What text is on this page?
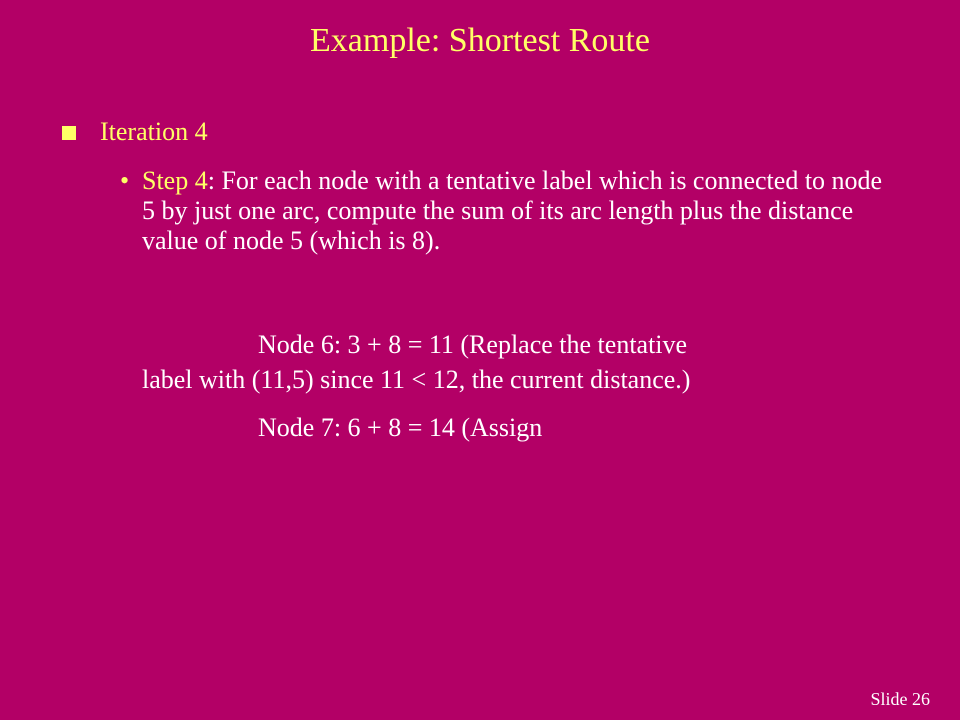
Example: Shortest Route
Iteration 4
• Step 4: For each node with a tentative label which is connected to node 5 by just one arc, compute the sum of its arc length plus the distance value of node 5 (which is 8).
Node 6: 3 + 8 = 11 (Replace the tentative
label with (11,5) since 11 < 12, the current distance.)
Node 7: 6 + 8 = 14 (Assign
Slide 26
